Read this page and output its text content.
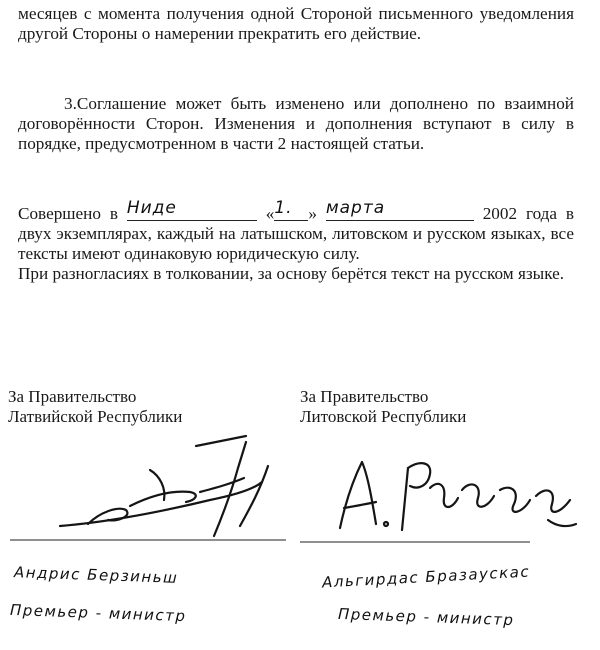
месяцев с момента получения одной Стороной письменного уведомления другой Стороны о намерении прекратить его действие.
3.Соглашение может быть изменено или дополнено по взаимной договорённости Сторон. Изменения и дополнения вступают в силу в порядке, предусмотренном в части 2 настоящей статьи.
Совершено в Ниде	« 1. » марта	2002 года в двух экземплярах, каждый на латышском, литовском и русском языках, все тексты имеют одинаковую юридическую силу.
При разногласиях в толковании, за основу берётся текст на русском языке.
За Правительство
Латвийской Республики
За Правительство
Литовской Республики
Андрис Берзиньш
Премьер - министр
Альгирдас Бразаускас
Премьер - министр
